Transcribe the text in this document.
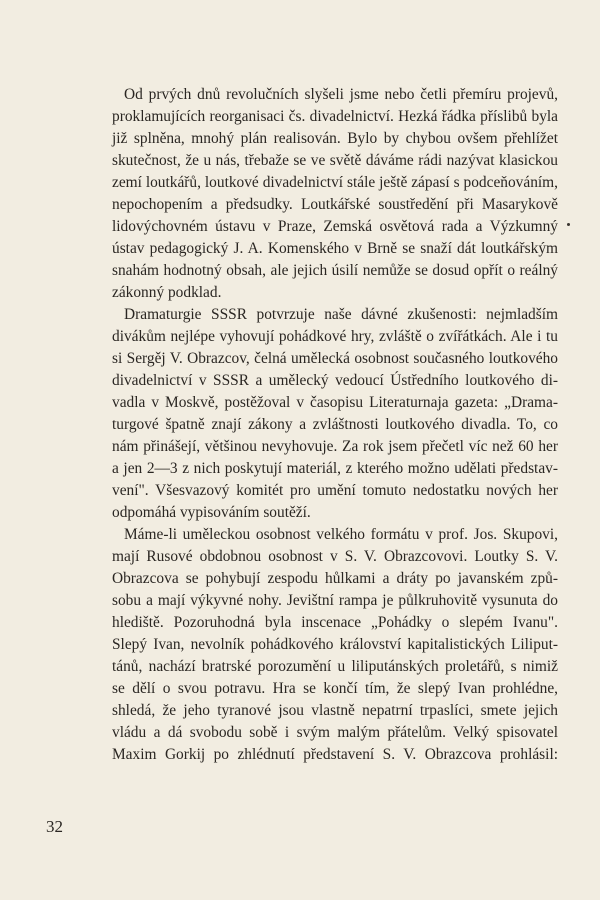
Od prvých dnů revolučních slyšeli jsme nebo četli přemíru projevů,
proklamujících reorganisaci čs. divadelnictví. Hezká řádka příslibů byla
již splněna, mnohý plán realisován. Bylo by chybou ovšem přehlížet
skutečnost, že u nás, třebaže se ve světě dáváme rádi nazývat klasickou
zemí loutkářů, loutkové divadelnictví stále ještě zápasí s podceňováním,
nepochopením a předsudky. Loutkářské soustředění při Masarykově
lidovýchovném ústavu v Praze, Zemská osvětová rada a Výzkumný
ústav pedagogický J. A. Komenského v Brně se snaží dát loutkářským
snahám hodnotný obsah, ale jejich úsilí nemůže se dosud opřít o reálný
zákonný podklad.
Dramaturgie SSSR potvrzuje naše dávné zkušenosti: nejmladším
divákům nejlépe vyhovují pohádkové hry, zvláště o zvířátkách. Ale i tu
si Sergěj V. Obrazcov, čelná umělecká osobnost současného loutkového
divadelnictví v SSSR a umělecký vedoucí Ústředního loutkového di-
vadla v Moskvě, postěžoval v časopisu Literaturnaja gazeta: „Drama-
turgové špatně znají zákony a zvláštnosti loutkového divadla. To, co
nám přinášejí, většinou nevyhovuje. Za rok jsem přečetl víc než 60 her
a jen 2—3 z nich poskytují materiál, z kterého možno udělati představ-
vení". Všesvazový komitét pro umění tomuto nedostatku nových her
odpomáhá vypisováním soutěží.
Máme-li uměleckou osobnost velkého formátu v prof. Jos. Skupovi,
mají Rusové obdobnou osobnost v S. V. Obrazcovovi. Loutky S. V.
Obrazcova se pohybují zespodu hůlkami a dráty po javanském způ-
sobu a mají výkyvné nohy. Jevištní rampa je půlkruhovitě vysunuta do
hlediště. Pozoruhodná byla inscenace „Pohádky o slepém Ivanu".
Slepý Ivan, nevolník pohádkového království kapitalistických Liliput-
tánů, nachází bratrské porozumění u liliputánských proletářů, s nimiž
se dělí o svou potravu. Hra se končí tím, že slepý Ivan prohlédne,
shledá, že jeho tyranové jsou vlastně nepatrní trpaslíci, smete jejich
vládu a dá svobodu sobě i svým malým přátelům. Velký spisovatel
Maxim Gorkij po zhlédnutí představení S. V. Obrazcova prohlásil:
32
